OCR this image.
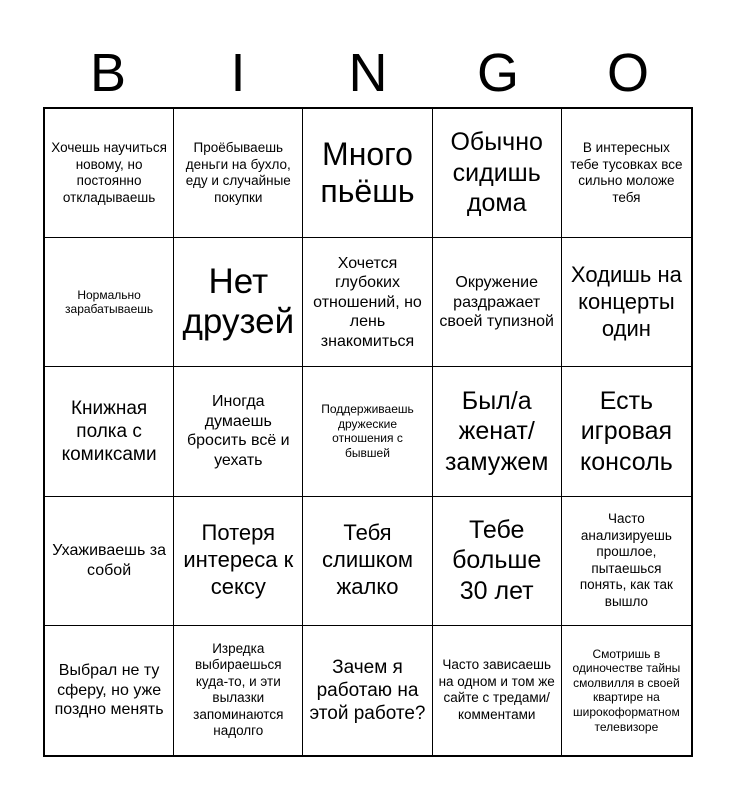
B	I	N	G	O
Хочешь научиться новому, но постоянно откладываешь
Проёбываешь деньги на бухло, еду и случайные покупки
Много пьёшь
Обычно сидишь дома
В интересных тебе тусовках все сильно моложе тебя
Нормально зарабатываешь
Нет друзей
Хочется глубоких отношений, но лень знакомиться
Окружение раздражает своей тупизной
Ходишь на концерты один
Книжная полка с комиксами
Иногда думаешь бросить всё и уехать
Поддерживаешь дружеские отношения с бывшей
Был/а женат/замужем
Есть игровая консоль
Ухаживаешь за собой
Потеря интереса к сексу
Тебя слишком жалко
Тебе больше 30 лет
Часто анализируешь прошлое, пытаешься понять, как так вышло
Выбрал не ту сферу, но уже поздно менять
Изредка выбираешься куда-то, и эти вылазки запоминаются надолго
Зачем я работаю на этой работе?
Часто зависаешь на одном и том же сайте с тредами/комментами
Смотришь в одиночестве тайны смолвилля в своей квартире на широкоформатном телевизоре
